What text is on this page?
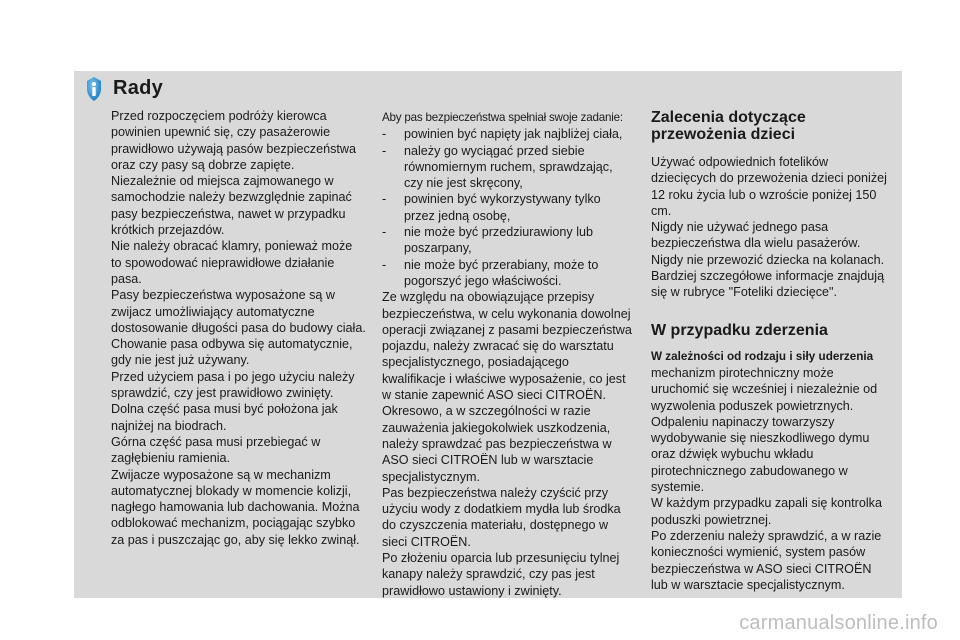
Rady

Przed rozpoczęciem podróży kierowca powinien upewnić się, czy pasażerowie prawidłowo używają pasów bezpieczeństwa oraz czy pasy są dobrze zapięte.

Niezależnie od miejsca zajmowanego w samochodzie należy bezwzględnie zapinać pasy bezpieczeństwa, nawet w przypadku krótkich przejazdów.

Nie należy obracać klamry, ponieważ może to spowodować nieprawidłowe działanie pasa.

Pasy bezpieczeństwa wyposażone są w zwijacz umożliwiający automatyczne dostosowanie długości pasa do budowy ciała. Chowanie pasa odbywa się automatycznie, gdy nie jest już używany.

Przed użyciem pasa i po jego użyciu należy sprawdzić, czy jest prawidłowo zwinięty.

Dolna część pasa musi być położona jak najniżej na biodrach.

Górna część pasa musi przebiegać w zagłębieniu ramienia.

Zwijacze wyposażone są w mechanizm automatycznej blokady w momencie kolizji, nagłego hamowania lub dachowania. Można odblokować mechanizm, pociągając szybko za pas i puszczając go, aby się lekko zwinął.

Aby pas bezpieczeństwa spełniał swoje zadanie:

- powinien być napięty jak najbliżej ciała,
- należy go wyciągać przed siebie równomiernym ruchem, sprawdzając, czy nie jest skręcony,
- powinien być wykorzystywany tylko przez jedną osobę,
- nie może być przedziurawiony lub poszarpany,
- nie może być przerabiany, może to pogorszyć jego właściwości.

Ze względu na obowiązujące przepisy bezpieczeństwa, w celu wykonania dowolnej operacji związanej z pasami bezpieczeństwa pojazdu, należy zwracać się do warsztatu specjalistycznego, posiadającego kwalifikacje i właściwe wyposażenie, co jest w stanie zapewnić ASO sieci CITROËN.

Okresowo, a w szczególności w razie zauważenia jakiegokolwiek uszkodzenia, należy sprawdzać pas bezpieczeństwa w ASO sieci CITROËN lub w warsztacie specjalistycznym.

Pas bezpieczeństwa należy czyścić przy użyciu wody z dodatkiem mydła lub środka do czyszczenia materiału, dostępnego w sieci CITROËN.

Po złożeniu oparcia lub przesunięciu tylnej kanapy należy sprawdzić, czy pas jest prawidłowo ustawiony i zwinięty.

Zalecenia dotyczące przewożenia dzieci

Używać odpowiednich fotelików dziecięcych do przewożenia dzieci poniżej 12 roku życia lub o wzroście poniżej 150 cm.

Nigdy nie używać jednego pasa bezpieczeństwa dla wielu pasażerów.

Nigdy nie przewozić dziecka na kolanach.

Bardziej szczegółowe informacje znajdują się w rubryce "Foteliki dziecięce".

W przypadku zderzenia

W zależności od rodzaju i siły uderzenia

mechanizm pirotechniczny może uruchomić się wcześniej i niezależnie od wyzwolenia poduszek powietrznych. Odpaleniu napinaczy towarzyszy wydobywanie się nieszkodliwego dymu oraz dźwięk wybuchu wkładu pirotechnicznego zabudowanego w systemie.

W każdym przypadku zapali się kontrolka poduszki powietrznej.

Po zderzeniu należy sprawdzić, a w razie konieczności wymienić, system pasów bezpieczeństwa w ASO sieci CITROËN lub w warsztacie specjalistycznym.

carmanualsonline.info
